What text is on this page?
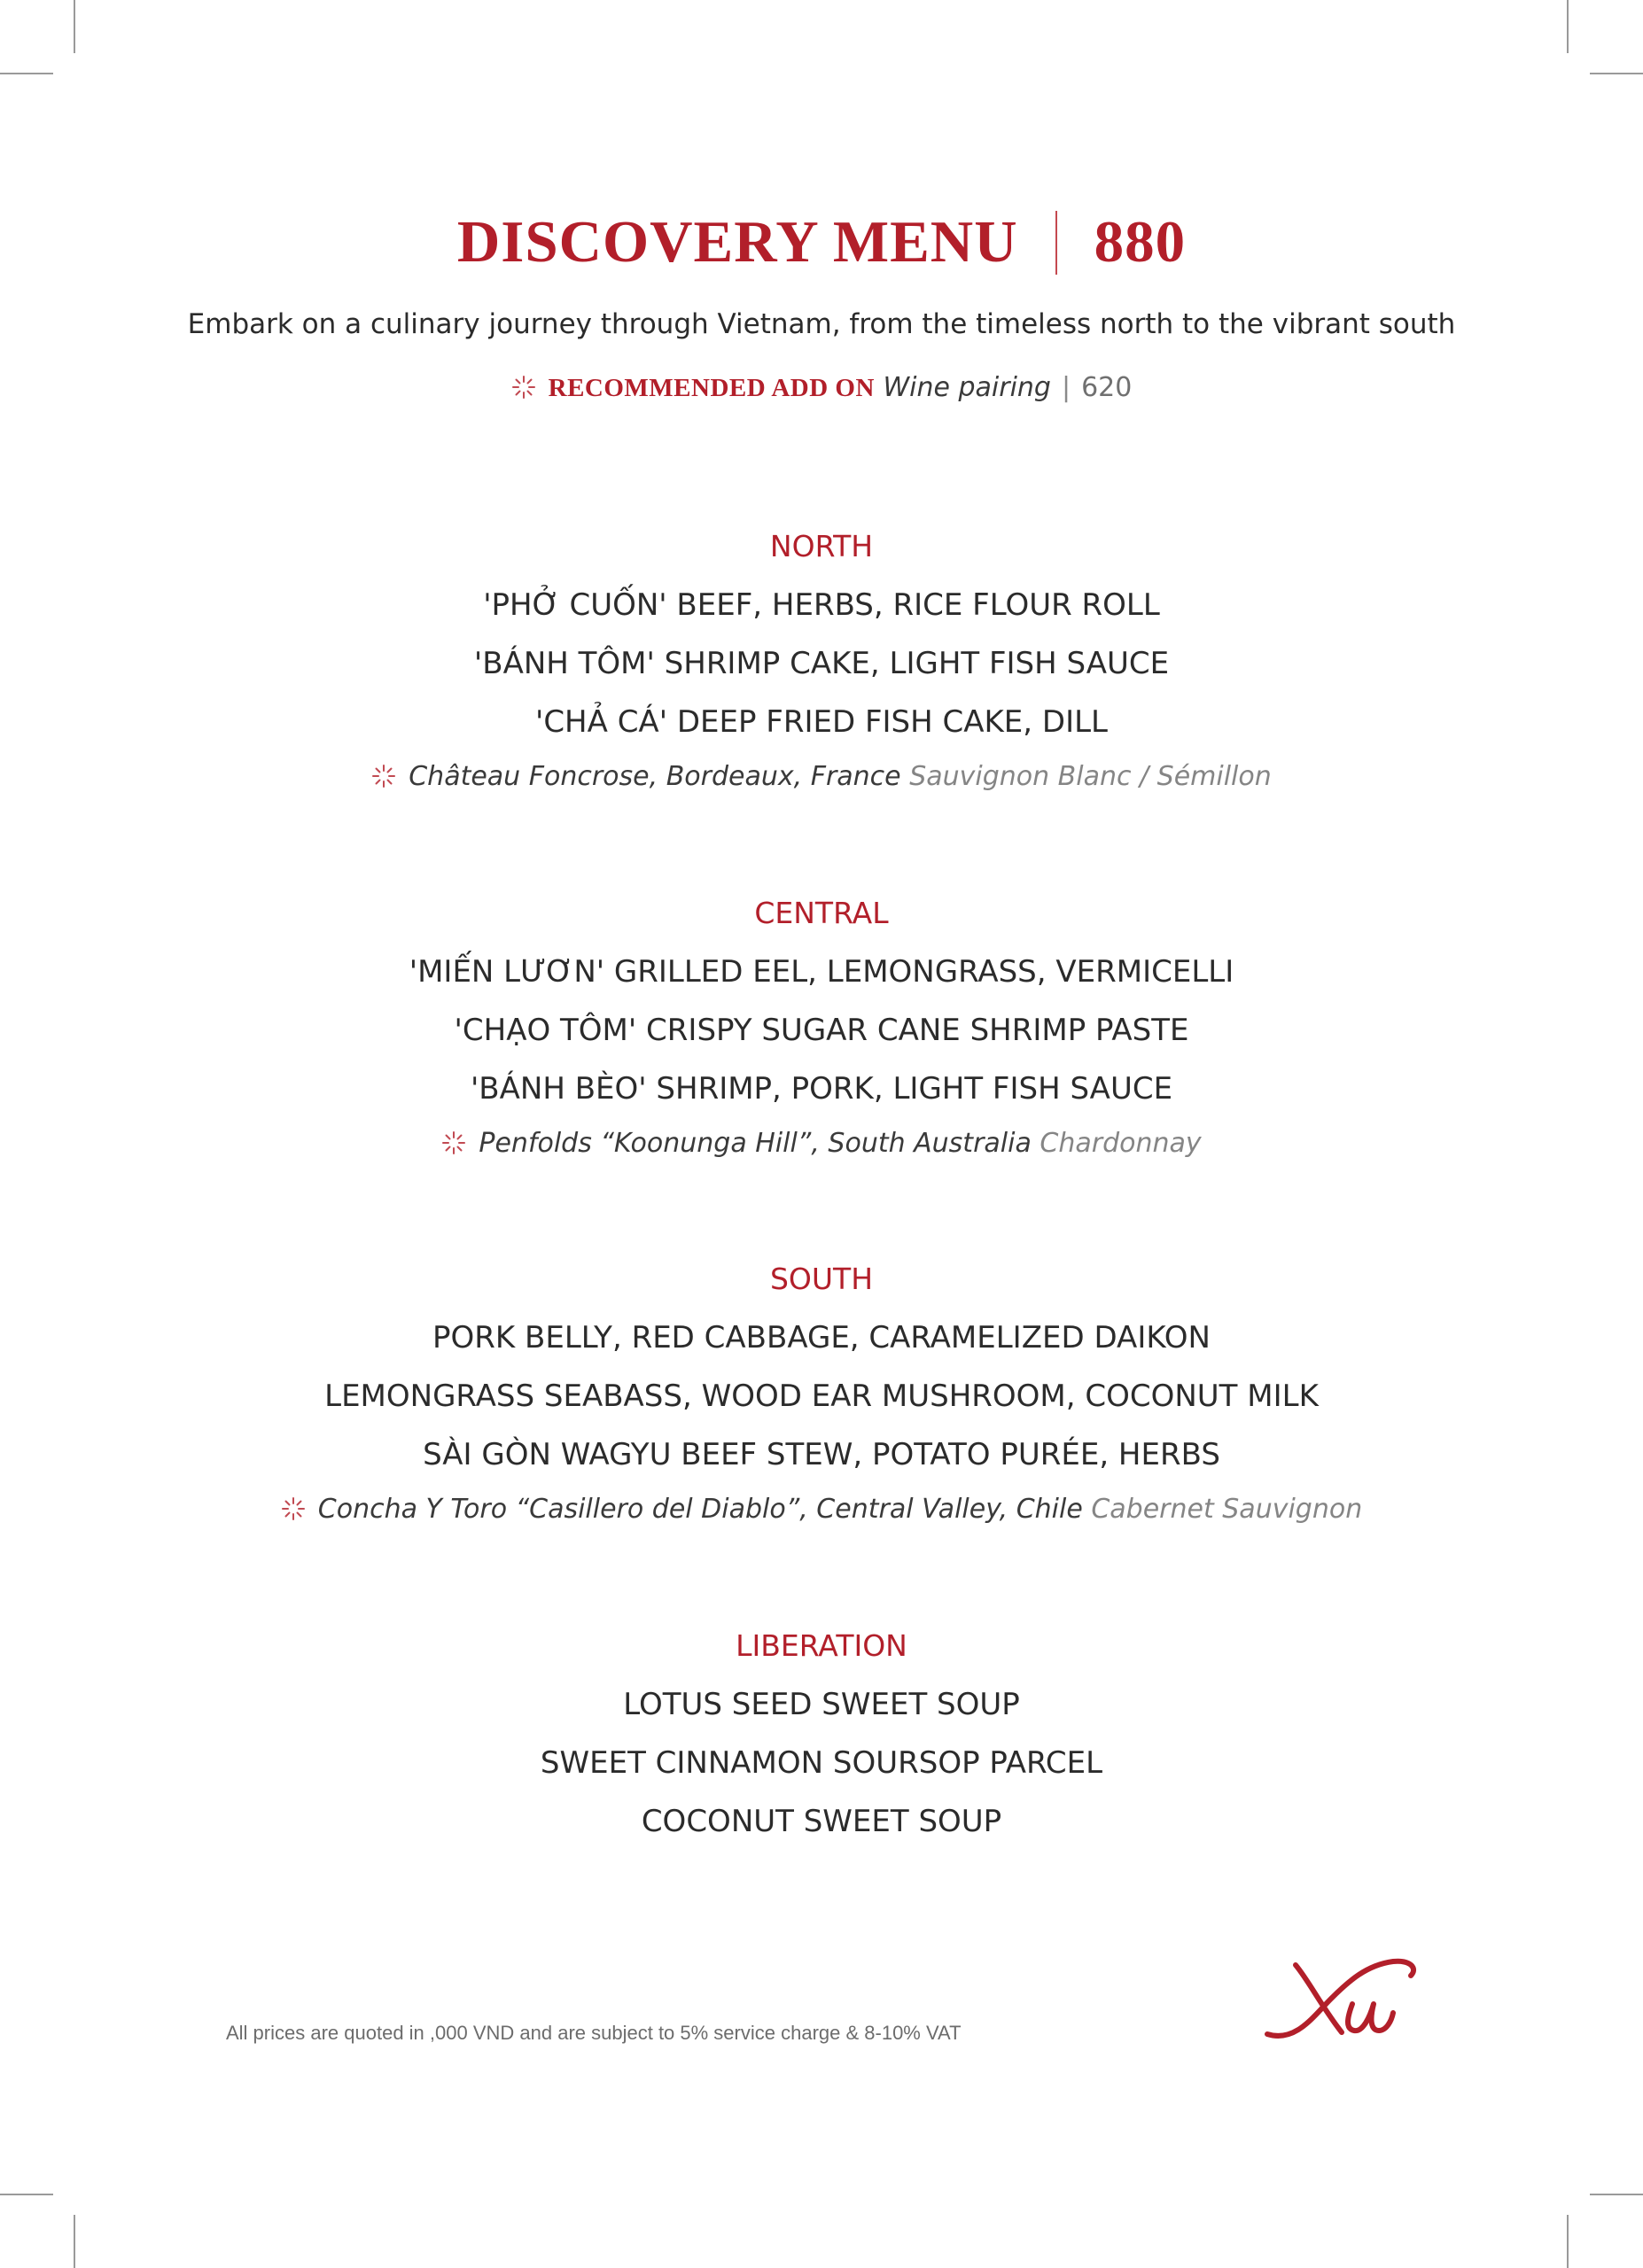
DISCOVERY MENU 880
Embark on a culinary journey through Vietnam, from the timeless north to the vibrant south
RECOMMENDED ADD ON Wine pairing | 620
NORTH
'PHỞ CUỐN' BEEF, HERBS, RICE FLOUR ROLL
'BÁNH TÔM' SHRIMP CAKE, LIGHT FISH SAUCE
'CHẢ CÁ' DEEP FRIED FISH CAKE, DILL
Château Foncrose, Bordeaux, France Sauvignon Blanc / Sémillon
CENTRAL
'MIẾN LƯƠN' GRILLED EEL, LEMONGRASS, VERMICELLI
'CHẠO TÔM' CRISPY SUGAR CANE SHRIMP PASTE
'BÁNH BÈO' SHRIMP, PORK, LIGHT FISH SAUCE
Penfolds “Koonunga Hill”, South Australia Chardonnay
SOUTH
PORK BELLY, RED CABBAGE, CARAMELIZED DAIKON
LEMONGRASS SEABASS, WOOD EAR MUSHROOM, COCONUT MILK
SÀI GÒN WAGYU BEEF STEW, POTATO PURÉE, HERBS
Concha Y Toro “Casillero del Diablo”, Central Valley, Chile Cabernet Sauvignon
LIBERATION
LOTUS SEED SWEET SOUP
SWEET CINNAMON SOURSOP PARCEL
COCONUT SWEET SOUP
All prices are quoted in ,000 VND and are subject to 5% service charge & 8-10% VAT
